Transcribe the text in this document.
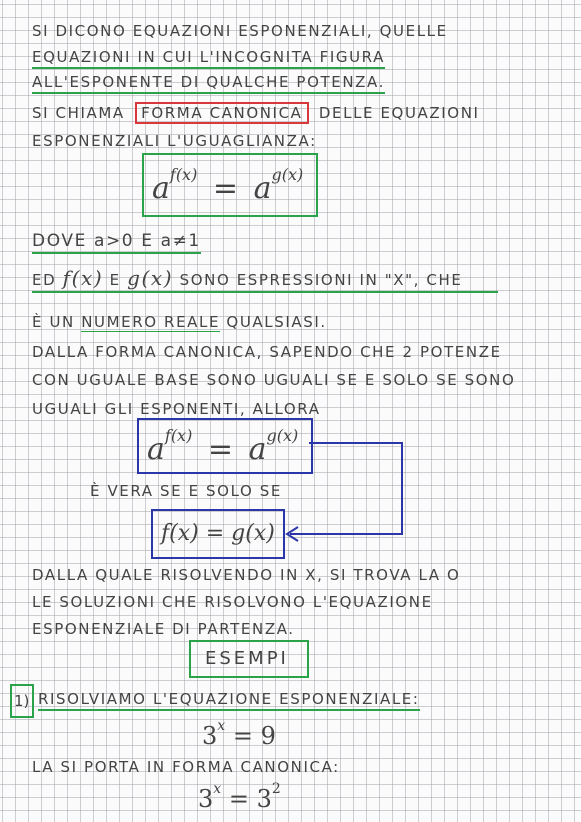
SI DICONO EQUAZIONI ESPONENZIALI, QUELLE
EQUAZIONI IN CUI L'INCOGNITA FIGURA
ALL'ESPONENTE DI QUALCHE POTENZA.
SI CHIAMA FORMA CANONICA DELLE EQUAZIONI
ESPONENZIALI L'UGUAGLIANZA:
$a^{f(x)} = a^{g(x)}$
DOVE a>0 E a≠1
ED f(x) E g(x) SONO ESPRESSIONI IN "X", CHE
È UN NUMERO REALE QUALSIASI.
DALLA FORMA CANONICA, SAPENDO CHE 2 POTENZE
CON UGUALE BASE SONO UGUALI SE E SOLO SE SONO
UGUALI GLI ESPONENTI, ALLORA
$a^{f(x)} = a^{g(x)}$
È VERA SE E SOLO SE
f(x) = g(x)
DALLA QUALE RISOLVENDO IN X, SI TROVA LA O
LE SOLUZIONI CHE RISOLVONO L'EQUAZIONE
ESPONENZIALE DI PARTENZA.
ESEMPI
1) RISOLVIAMO L'EQUAZIONE ESPONENZIALE:
$3^x = 9$
LA SI PORTA IN FORMA CANONICA:
$3^x = 3^2$
